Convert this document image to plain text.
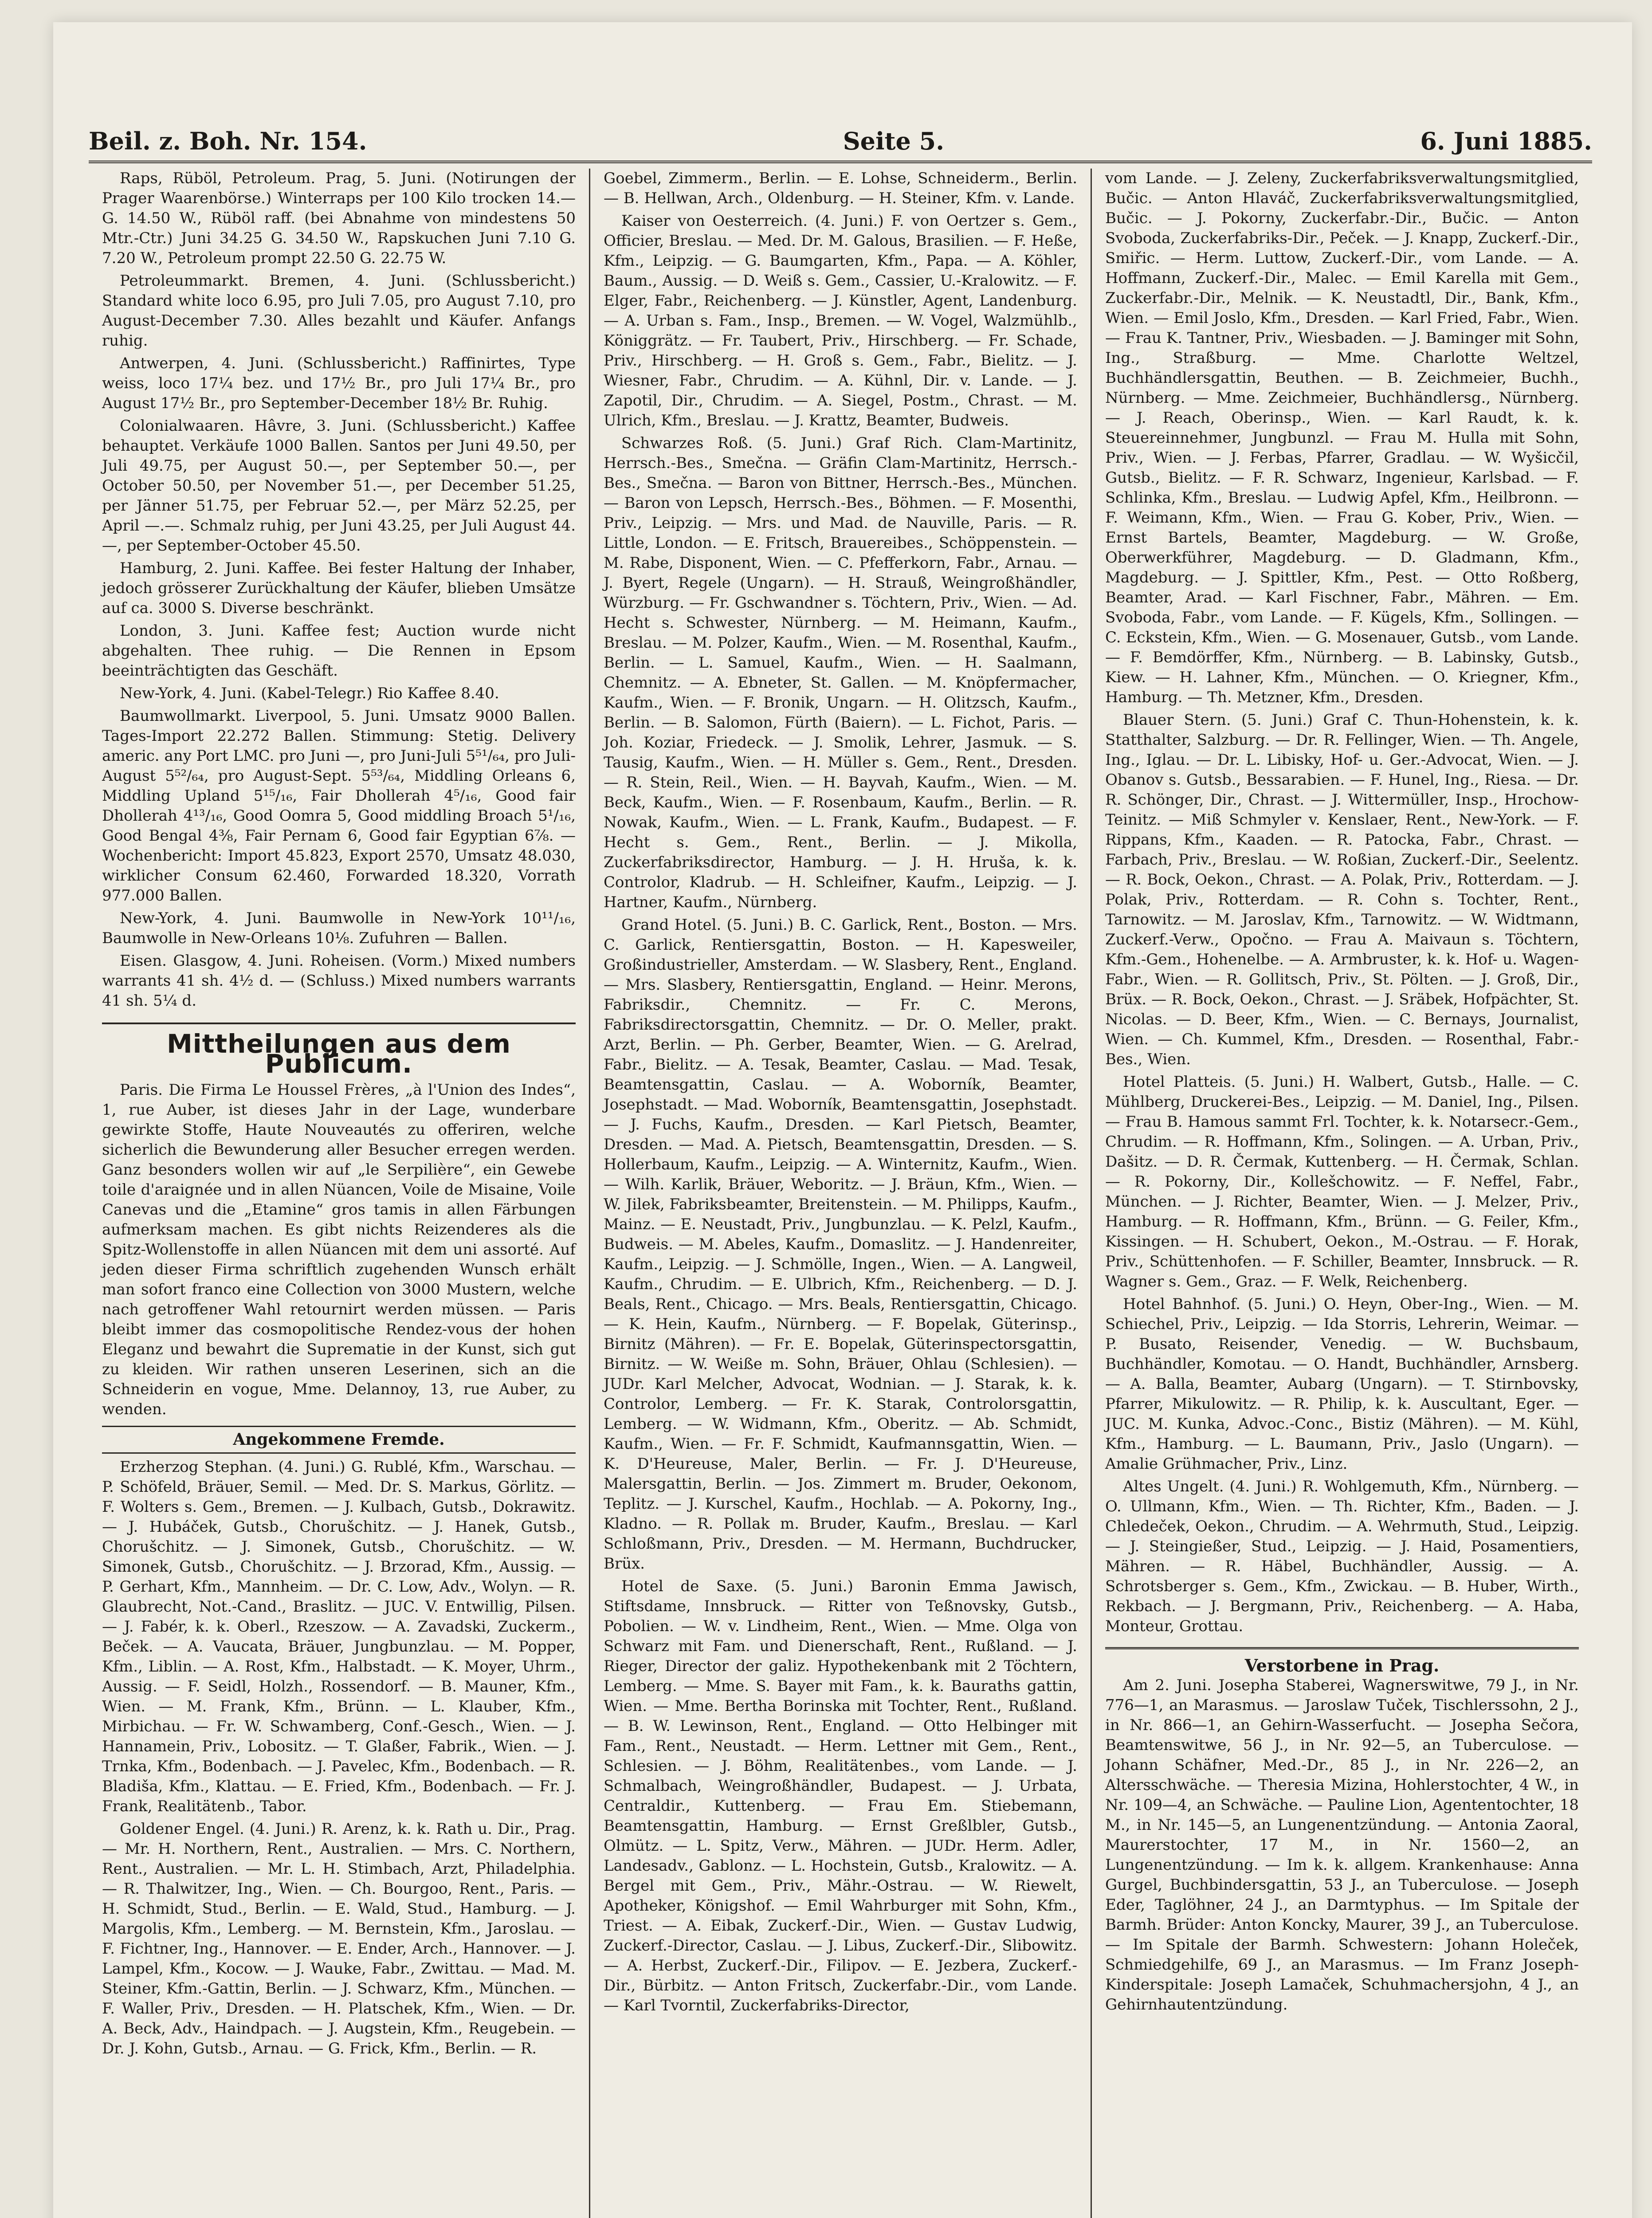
Beil. z. Boh. Nr. 154.	Seite 5.	6. Juni 1885.

Raps, Rüböl, Petroleum. Prag, 5. Juni. (Notirungen der Prager Waarenbörse.) Winterraps per 100 Kilo trocken 14.— G. 14.50 W., Rüböl raff. (bei Abnahme von mindestens 50 Mtr.-Ctr.) Juni 34.25 G. 34.50 W., Rapskuchen Juni 7.10 G. 7.20 W., Petroleum prompt 22.50 G. 22.75 W.

Petroleummarkt. Bremen, 4. Juni. (Schlussbericht.) Standard white loco 6.95, pro Juli 7.05, pro August 7.10, pro August-December 7.30. Alles bezahlt und Käufer. Anfangs ruhig.

Antwerpen, 4. Juni. (Schlussbericht.) Raffinirtes, Type weiss, loco 17¼ bez. und 17½ Br., pro Juli 17¼ Br., pro August 17½ Br., pro September-December 18½ Br. Ruhig.

Colonialwaaren. Hâvre, 3. Juni. (Schlussbericht.) Kaffee behauptet. Verkäufe 1000 Ballen. Santos per Juni 49.50, per Juli 49.75, per August 50.—, per September 50.—, per October 50.50, per November 51.—, per December 51.25, per Jänner 51.75, per Februar 52.—, per März 52.25, per April —.—. Schmalz ruhig, per Juni 43.25, per Juli August 44.—, per September-October 45.50.

Hamburg, 2. Juni. Kaffee. Bei fester Haltung der Inhaber, jedoch grösserer Zurückhaltung der Käufer, blieben Umsätze auf ca. 3000 S. Diverse beschränkt.

London, 3. Juni. Kaffee fest; Auction wurde nicht abgehalten. Thee ruhig. — Die Rennen in Epsom beeinträchtigten das Geschäft.

New-York, 4. Juni. (Kabel-Telegr.) Rio Kaffee 8.40.

Baumwollmarkt. Liverpool, 5. Juni. Umsatz 9000 Ballen. Tages-Import 22.272 Ballen. Stimmung: Stetig. Delivery americ. any Port LMC. pro Juni —, pro Juni-Juli 5⁵¹/₆₄, pro Juli-August 5⁵²/₆₄, pro August-Sept. 5⁵³/₆₄, Middling Orleans 6, Middling Upland 5¹⁵/₁₆, Fair Dhollerah 4⁵/₁₆, Good fair Dhollerah 4¹³/₁₆, Good Oomra 5, Good middling Broach 5¹/₁₆, Good Bengal 4⅜, Fair Pernam 6, Good fair Egyptian 6⅞. — Wochenbericht: Import 45.823, Export 2570, Umsatz 48.030, wirklicher Consum 62.460, Forwarded 18.320, Vorrath 977.000 Ballen.

New-York, 4. Juni. Baumwolle in New-York 10¹¹/₁₆, Baumwolle in New-Orleans 10⅛. Zufuhren — Ballen.

Eisen. Glasgow, 4. Juni. Roheisen. (Vorm.) Mixed numbers warrants 41 sh. 4½ d. — (Schluss.) Mixed numbers warrants 41 sh. 5¼ d.

Mittheilungen aus dem Publicum.

Paris. Die Firma Le Houssel Frères, „à l'Union des Indes“, 1, rue Auber, ist dieses Jahr in der Lage, wunderbare gewirkte Stoffe, Haute Nouveautés zu offeriren, welche sicherlich die Bewunderung aller Besucher erregen werden. Ganz besonders wollen wir auf „le Serpilière“, ein Gewebe toile d'araignée und in allen Nüancen, Voile de Misaine, Voile Canevas und die „Etamine“ gros tamis in allen Färbungen aufmerksam machen. Es gibt nichts Reizenderes als die Spitz-Wollenstoffe in allen Nüancen mit dem uni assorté. Auf jeden dieser Firma schriftlich zugehenden Wunsch erhält man sofort franco eine Collection von 3000 Mustern, welche nach getroffener Wahl retournirt werden müssen. — Paris bleibt immer das cosmopolitische Rendez-vous der hohen Eleganz und bewahrt die Suprematie in der Kunst, sich gut zu kleiden. Wir rathen unseren Leserinen, sich an die Schneiderin en vogue, Mme. Delannoy, 13, rue Auber, zu wenden.

Angekommene Fremde.

Erzherzog Stephan. (4. Juni.) G. Rublé, Kfm., Warschau. — P. Schöfeld, Bräuer, Semil. — Med. Dr. S. Markus, Görlitz. — F. Wolters s. Gem., Bremen. — J. Kulbach, Gutsb., Dokrawitz. — J. Hubáček, Gutsb., Chorušchitz. — J. Hanek, Gutsb., Chorušchitz. — J. Simonek, Gutsb., Chorušchitz. — W. Simonek, Gutsb., Chorušchitz. — J. Brzorad, Kfm., Aussig. — P. Gerhart, Kfm., Mannheim. — Dr. C. Low, Adv., Wolyn. — R. Glaubrecht, Not.-Cand., Braslitz. — JUC. V. Entwillig, Pilsen. — J. Fabér, k. k. Oberl., Rzeszow. — A. Zavadski, Zuckerm., Beček. — A. Vaucata, Bräuer, Jungbunzlau. — M. Popper, Kfm., Liblin. — A. Rost, Kfm., Halbstadt. — K. Moyer, Uhrm., Aussig. — F. Seidl, Holzh., Rossendorf. — B. Mauner, Kfm., Wien. — M. Frank, Kfm., Brünn. — L. Klauber, Kfm., Mirbichau. — Fr. W. Schwamberg, Conf.-Gesch., Wien. — J. Hannamein, Priv., Lobositz. — T. Glaßer, Fabrik., Wien. — J. Trnka, Kfm., Bodenbach. — J. Pavelec, Kfm., Bodenbach. — R. Bladiša, Kfm., Klattau. — E. Fried, Kfm., Bodenbach. — Fr. J. Frank, Realitätenb., Tabor.

Goldener Engel. (4. Juni.) R. Arenz, k. k. Rath u. Dir., Prag. — Mr. H. Northern, Rent., Australien. — Mrs. C. Northern, Rent., Australien. — Mr. L. H. Stimbach, Arzt, Philadelphia. — R. Thalwitzer, Ing., Wien. — Ch. Bourgoo, Rent., Paris. — H. Schmidt, Stud., Berlin. — E. Wald, Stud., Hamburg. — J. Margolis, Kfm., Lemberg. — M. Bernstein, Kfm., Jaroslau. — F. Fichtner, Ing., Hannover. — E. Ender, Arch., Hannover. — J. Lampel, Kfm., Kocow. — J. Wauke, Fabr., Zwittau. — Mad. M. Steiner, Kfm.-Gattin, Berlin. — J. Schwarz, Kfm., München. — F. Waller, Priv., Dresden. — H. Platschek, Kfm., Wien. — Dr. A. Beck, Adv., Haindpach. — J. Augstein, Kfm., Reugebein. — Dr. J. Kohn, Gutsb., Arnau. — G. Frick, Kfm., Berlin. — R.

Goebel, Zimmerm., Berlin. — E. Lohse, Schneiderm., Berlin. — B. Hellwan, Arch., Oldenburg. — H. Steiner, Kfm. v. Lande.

Kaiser von Oesterreich. (4. Juni.) F. von Oertzer s. Gem., Officier, Breslau. — Med. Dr. M. Galous, Brasilien. — F. Heße, Kfm., Leipzig. — G. Baumgarten, Kfm., Papa. — A. Köhler, Baum., Aussig. — D. Weiß s. Gem., Cassier, U.-Kralowitz. — F. Elger, Fabr., Reichenberg. — J. Künstler, Agent, Landenburg. — A. Urban s. Fam., Insp., Bremen. — W. Vogel, Walzmühlb., Königgrätz. — Fr. Taubert, Priv., Hirschberg. — Fr. Schade, Priv., Hirschberg. — H. Groß s. Gem., Fabr., Bielitz. — J. Wiesner, Fabr., Chrudim. — A. Kühnl, Dir. v. Lande. — J. Zapotil, Dir., Chrudim. — A. Siegel, Postm., Chrast. — M. Ulrich, Kfm., Breslau. — J. Krattz, Beamter, Budweis.

Schwarzes Roß. (5. Juni.) Graf Rich. Clam-Martinitz, Herrsch.-Bes., Smečna. — Gräfin Clam-Martinitz, Herrsch.-Bes., Smečna. — Baron von Bittner, Herrsch.-Bes., München. — Baron von Lepsch, Herrsch.-Bes., Böhmen. — F. Mosenthi, Priv., Leipzig. — Mrs. und Mad. de Nauville, Paris. — R. Little, London. — E. Fritsch, Brauereibes., Schöppenstein. — M. Rabe, Disponent, Wien. — C. Pfefferkorn, Fabr., Arnau. — J. Byert, Regele (Ungarn). — H. Strauß, Weingroßhändler, Würzburg. — Fr. Gschwandner s. Töchtern, Priv., Wien. — Ad. Hecht s. Schwester, Nürnberg. — M. Heimann, Kaufm., Breslau. — M. Polzer, Kaufm., Wien. — M. Rosenthal, Kaufm., Berlin. — L. Samuel, Kaufm., Wien. — H. Saalmann, Chemnitz. — A. Ebneter, St. Gallen. — M. Knöpfermacher, Kaufm., Wien. — F. Bronik, Ungarn. — H. Olitzsch, Kaufm., Berlin. — B. Salomon, Fürth (Baiern). — L. Fichot, Paris. — Joh. Koziar, Friedeck. — J. Smolik, Lehrer, Jasmuk. — S. Tausig, Kaufm., Wien. — H. Müller s. Gem., Rent., Dresden. — R. Stein, Reil., Wien. — H. Bayvah, Kaufm., Wien. — M. Beck, Kaufm., Wien. — F. Rosenbaum, Kaufm., Berlin. — R. Nowak, Kaufm., Wien. — L. Frank, Kaufm., Budapest. — F. Hecht s. Gem., Rent., Berlin. — J. Mikolla, Zuckerfabriksdirector, Hamburg. — J. H. Hruša, k. k. Controlor, Kladrub. — H. Schleifner, Kaufm., Leipzig. — J. Hartner, Kaufm., Nürnberg.

Grand Hotel. (5. Juni.) B. C. Garlick, Rent., Boston. — Mrs. C. Garlick, Rentiersgattin, Boston. — H. Kapesweiler, Großindustrieller, Amsterdam. — W. Slasbery, Rent., England. — Mrs. Slasbery, Rentiersgattin, England. — Heinr. Merons, Fabriksdir., Chemnitz. — Fr. C. Merons, Fabriksdirectorsgattin, Chemnitz. — Dr. O. Meller, prakt. Arzt, Berlin. — Ph. Gerber, Beamter, Wien. — G. Arelrad, Fabr., Bielitz. — A. Tesak, Beamter, Caslau. — Mad. Tesak, Beamtensgattin, Caslau. — A. Woborník, Beamter, Josephstadt. — Mad. Woborník, Beamtensgattin, Josephstadt. — J. Fuchs, Kaufm., Dresden. — Karl Pietsch, Beamter, Dresden. — Mad. A. Pietsch, Beamtensgattin, Dresden. — S. Hollerbaum, Kaufm., Leipzig. — A. Winternitz, Kaufm., Wien. — Wilh. Karlik, Bräuer, Weboritz. — J. Bräun, Kfm., Wien. — W. Jilek, Fabriksbeamter, Breitenstein. — M. Philipps, Kaufm., Mainz. — E. Neustadt, Priv., Jungbunzlau. — K. Pelzl, Kaufm., Budweis. — M. Abeles, Kaufm., Domaslitz. — J. Handenreiter, Kaufm., Leipzig. — J. Schmölle, Ingen., Wien. — A. Langweil, Kaufm., Chrudim. — E. Ulbrich, Kfm., Reichenberg. — D. J. Beals, Rent., Chicago. — Mrs. Beals, Rentiersgattin, Chicago. — K. Hein, Kaufm., Nürnberg. — F. Bopelak, Güterinsp., Birnitz (Mähren). — Fr. E. Bopelak, Güterinspectorsgattin, Birnitz. — W. Weiße m. Sohn, Bräuer, Ohlau (Schlesien). — JUDr. Karl Melcher, Advocat, Wodnian. — J. Starak, k. k. Controlor, Lemberg. — Fr. K. Starak, Controlorsgattin, Lemberg. — W. Widmann, Kfm., Oberitz. — Ab. Schmidt, Kaufm., Wien. — Fr. F. Schmidt, Kaufmannsgattin, Wien. — K. D'Heureuse, Maler, Berlin. — Fr. J. D'Heureuse, Malersgattin, Berlin. — Jos. Zimmert m. Bruder, Oekonom, Teplitz. — J. Kurschel, Kaufm., Hochlab. — A. Pokorny, Ing., Kladno. — R. Pollak m. Bruder, Kaufm., Breslau. — Karl Schloßmann, Priv., Dresden. — M. Hermann, Buchdrucker, Brüx.

Hotel de Saxe. (5. Juni.) Baronin Emma Jawisch, Stiftsdame, Innsbruck. — Ritter von Teßnovsky, Gutsb., Pobolien. — W. v. Lindheim, Rent., Wien. — Mme. Olga von Schwarz mit Fam. und Dienerschaft, Rent., Rußland. — J. Rieger, Director der galiz. Hypothekenbank mit 2 Töchtern, Lemberg. — Mme. S. Bayer mit Fam., k. k. Bauraths gattin, Wien. — Mme. Bertha Borinska mit Tochter, Rent., Rußland. — B. W. Lewinson, Rent., England. — Otto Helbinger mit Fam., Rent., Neustadt. — Herm. Lettner mit Gem., Rent., Schlesien. — J. Böhm, Realitätenbes., vom Lande. — J. Schmalbach, Weingroßhändler, Budapest. — J. Urbata, Centraldir., Kuttenberg. — Frau Em. Stiebemann, Beamtensgattin, Hamburg. — Ernst Greßlbler, Gutsb., Olmütz. — L. Spitz, Verw., Mähren. — JUDr. Herm. Adler, Landesadv., Gablonz. — L. Hochstein, Gutsb., Kralowitz. — A. Bergel mit Gem., Priv., Mähr.-Ostrau. — W. Riewelt, Apotheker, Königshof. — Emil Wahrburger mit Sohn, Kfm., Triest. — A. Eibak, Zuckerf.-Dir., Wien. — Gustav Ludwig, Zuckerf.-Director, Caslau. — J. Libus, Zuckerf.-Dir., Slibowitz. — A. Herbst, Zuckerf.-Dir., Filipov. — E. Jezbera, Zuckerf.-Dir., Bürbitz. — Anton Fritsch, Zuckerfabr.-Dir., vom Lande. — Karl Tvorntil, Zuckerfabriks-Director,

vom Lande. — J. Zeleny, Zuckerfabriksverwaltungsmitglied, Bučic. — Anton Hlaváč, Zuckerfabriksverwaltungsmitglied, Bučic. — J. Pokorny, Zuckerfabr.-Dir., Bučic. — Anton Svoboda, Zuckerfabriks-Dir., Peček. — J. Knapp, Zuckerf.-Dir., Smiřic. — Herm. Luttow, Zuckerf.-Dir., vom Lande. — A. Hoffmann, Zuckerf.-Dir., Malec. — Emil Karella mit Gem., Zuckerfabr.-Dir., Melnik. — K. Neustadtl, Dir., Bank, Kfm., Wien. — Emil Joslo, Kfm., Dresden. — Karl Fried, Fabr., Wien. — Frau K. Tantner, Priv., Wiesbaden. — J. Baminger mit Sohn, Ing., Straßburg. — Mme. Charlotte Weltzel, Buchhändlersgattin, Beuthen. — B. Zeichmeier, Buchh., Nürnberg. — Mme. Zeichmeier, Buchhändlersg., Nürnberg. — J. Reach, Oberinsp., Wien. — Karl Raudt, k. k. Steuereinnehmer, Jungbunzl. — Frau M. Hulla mit Sohn, Priv., Wien. — J. Ferbas, Pfarrer, Gradlau. — W. Wyšicčil, Gutsb., Bielitz. — F. R. Schwarz, Ingenieur, Karlsbad. — F. Schlinka, Kfm., Breslau. — Ludwig Apfel, Kfm., Heilbronn. — F. Weimann, Kfm., Wien. — Frau G. Kober, Priv., Wien. — Ernst Bartels, Beamter, Magdeburg. — W. Große, Oberwerkführer, Magdeburg. — D. Gladmann, Kfm., Magdeburg. — J. Spittler, Kfm., Pest. — Otto Roßberg, Beamter, Arad. — Karl Fischner, Fabr., Mähren. — Em. Svoboda, Fabr., vom Lande. — F. Kügels, Kfm., Sollingen. — C. Eckstein, Kfm., Wien. — G. Mosenauer, Gutsb., vom Lande. — F. Bemdörffer, Kfm., Nürnberg. — B. Labinsky, Gutsb., Kiew. — H. Lahner, Kfm., München. — O. Kriegner, Kfm., Hamburg. — Th. Metzner, Kfm., Dresden.

Blauer Stern. (5. Juni.) Graf C. Thun-Hohenstein, k. k. Statthalter, Salzburg. — Dr. R. Fellinger, Wien. — Th. Angele, Ing., Iglau. — Dr. L. Libisky, Hof- u. Ger.-Advocat, Wien. — J. Obanov s. Gutsb., Bessarabien. — F. Hunel, Ing., Riesa. — Dr. R. Schönger, Dir., Chrast. — J. Wittermüller, Insp., Hrochow-Teinitz. — Miß Schmyler v. Kenslaer, Rent., New-York. — F. Rippans, Kfm., Kaaden. — R. Patocka, Fabr., Chrast. — Farbach, Priv., Breslau. — W. Roßian, Zuckerf.-Dir., Seelentz. — R. Bock, Oekon., Chrast. — A. Polak, Priv., Rotterdam. — J. Polak, Priv., Rotterdam. — R. Cohn s. Tochter, Rent., Tarnowitz. — M. Jaroslav, Kfm., Tarnowitz. — W. Widtmann, Zuckerf.-Verw., Opočno. — Frau A. Maivaun s. Töchtern, Kfm.-Gem., Hohenelbe. — A. Armbruster, k. k. Hof- u. Wagen-Fabr., Wien. — R. Gollitsch, Priv., St. Pölten. — J. Groß, Dir., Brüx. — R. Bock, Oekon., Chrast. — J. Sräbek, Hofpächter, St. Nicolas. — D. Beer, Kfm., Wien. — C. Bernays, Journalist, Wien. — Ch. Kummel, Kfm., Dresden. — Rosenthal, Fabr.-Bes., Wien.

Hotel Platteis. (5. Juni.) H. Walbert, Gutsb., Halle. — C. Mühlberg, Druckerei-Bes., Leipzig. — M. Daniel, Ing., Pilsen. — Frau B. Hamous sammt Frl. Tochter, k. k. Notarsecr.-Gem., Chrudim. — R. Hoffmann, Kfm., Solingen. — A. Urban, Priv., Dašitz. — D. R. Čermak, Kuttenberg. — H. Čermak, Schlan. — R. Pokorny, Dir., Kollešchowitz. — F. Neffel, Fabr., München. — J. Richter, Beamter, Wien. — J. Melzer, Priv., Hamburg. — R. Hoffmann, Kfm., Brünn. — G. Feiler, Kfm., Kissingen. — H. Schubert, Oekon., M.-Ostrau. — F. Horak, Priv., Schüttenhofen. — F. Schiller, Beamter, Innsbruck. — R. Wagner s. Gem., Graz. — F. Welk, Reichenberg.

Hotel Bahnhof. (5. Juni.) O. Heyn, Ober-Ing., Wien. — M. Schiechel, Priv., Leipzig. — Ida Storris, Lehrerin, Weimar. — P. Busato, Reisender, Venedig. — W. Buchsbaum, Buchhändler, Komotau. — O. Handt, Buchhändler, Arnsberg. — A. Balla, Beamter, Aubarg (Ungarn). — T. Stirnbovsky, Pfarrer, Mikulowitz. — R. Philip, k. k. Auscultant, Eger. — JUC. M. Kunka, Advoc.-Conc., Bistiz (Mähren). — M. Kühl, Kfm., Hamburg. — L. Baumann, Priv., Jaslo (Ungarn). — Amalie Grühmacher, Priv., Linz.

Altes Ungelt. (4. Juni.) R. Wohlgemuth, Kfm., Nürnberg. — O. Ullmann, Kfm., Wien. — Th. Richter, Kfm., Baden. — J. Chledeček, Oekon., Chrudim. — A. Wehrmuth, Stud., Leipzig. — J. Steingießer, Stud., Leipzig. — J. Haid, Posamentiers, Mähren. — R. Häbel, Buchhändler, Aussig. — A. Schrotsberger s. Gem., Kfm., Zwickau. — B. Huber, Wirth., Rekbach. — J. Bergmann, Priv., Reichenberg. — A. Haba, Monteur, Grottau.

Verstorbene in Prag.

Am 2. Juni. Josepha Staberei, Wagnerswitwe, 79 J., in Nr. 776—1, an Marasmus. — Jaroslaw Tuček, Tischlerssohn, 2 J., in Nr. 866—1, an Gehirn-Wasserfucht. — Josepha Sečora, Beamtenswitwe, 56 J., in Nr. 92—5, an Tuberculose. — Johann Schäfner, Med.-Dr., 85 J., in Nr. 226—2, an Altersschwäche. — Theresia Mizina, Hohlerstochter, 4 W., in Nr. 109—4, an Schwäche. — Pauline Lion, Agententochter, 18 M., in Nr. 145—5, an Lungenentzündung. — Antonia Zaoral, Maurerstochter, 17 M., in Nr. 1560—2, an Lungenentzündung. — Im k. k. allgem. Krankenhause: Anna Gurgel, Buchbindersgattin, 53 J., an Tuberculose. — Joseph Eder, Taglöhner, 24 J., an Darmtyphus. — Im Spitale der Barmh. Brüder: Anton Koncky, Maurer, 39 J., an Tuberculose. — Im Spitale der Barmh. Schwestern: Johann Holeček, Schmiedgehilfe, 69 J., an Marasmus. — Im Franz Joseph-Kinderspitale: Joseph Lamaček, Schuhmachersjohn, 4 J., an Gehirnhautentzündung.
